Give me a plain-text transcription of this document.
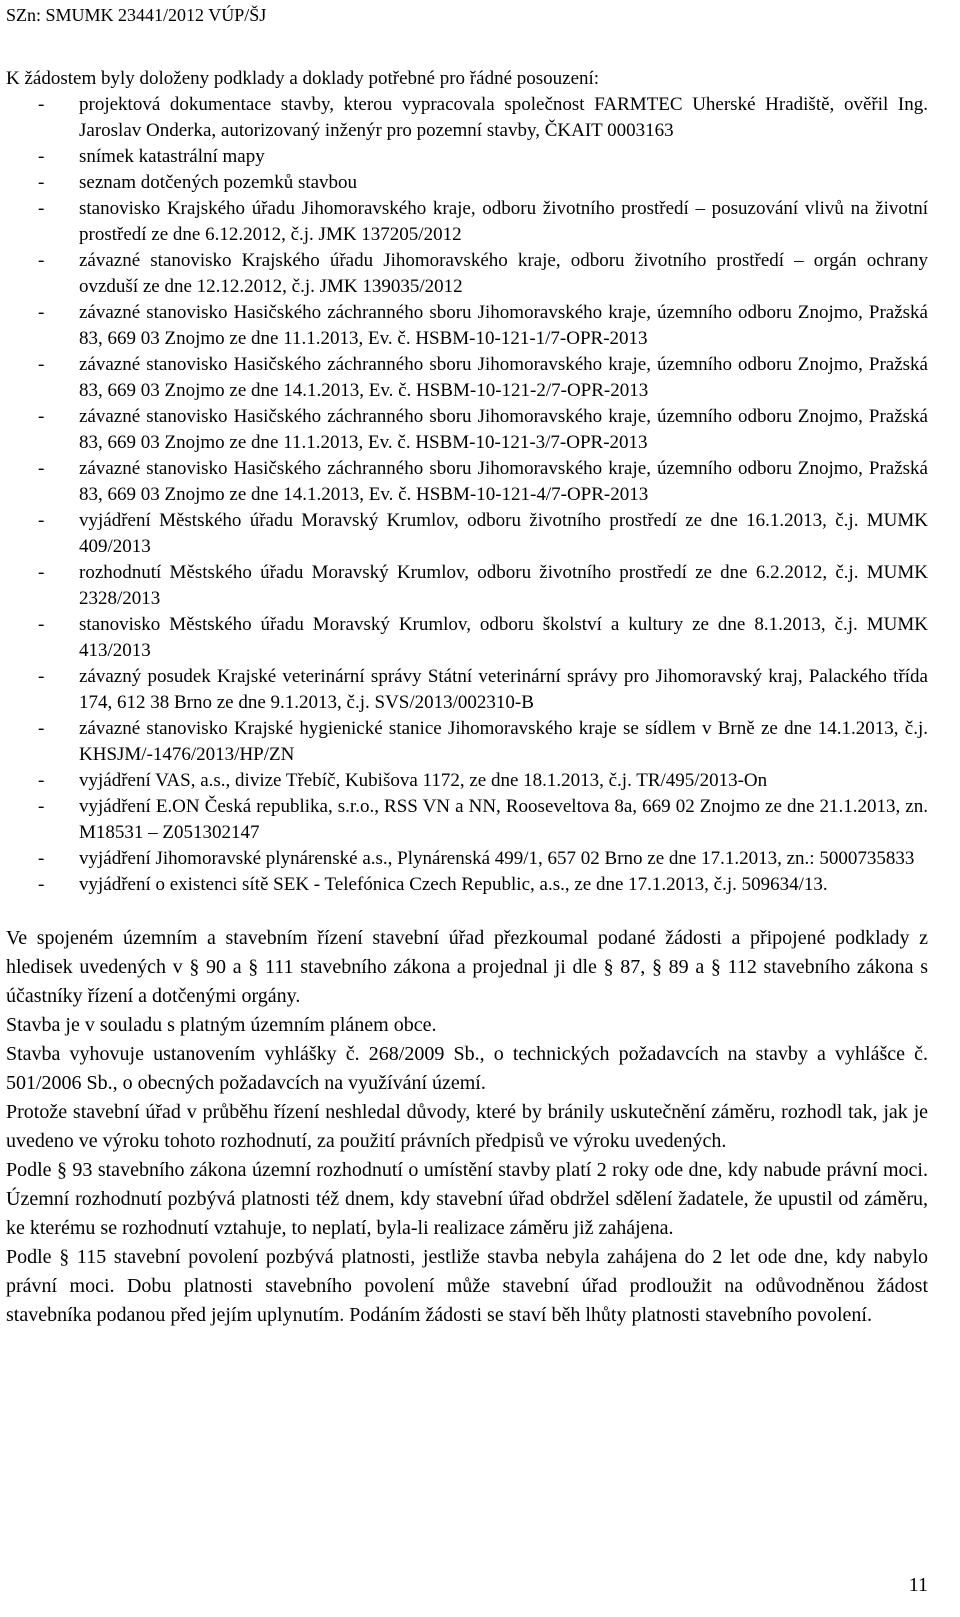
SZn: SMUMK 23441/2012 VÚP/ŠJ

K žádostem byly doloženy podklady a doklady potřebné pro řádné posouzení:

- projektová dokumentace stavby, kterou vypracovala společnost FARMTEC Uherské Hradiště, ověřil Ing. Jaroslav Onderka, autorizovaný inženýr pro pozemní stavby, ČKAIT 0003163
- snímek katastrální mapy
- seznam dotčených pozemků stavbou
- stanovisko Krajského úřadu Jihomoravského kraje, odboru životního prostředí – posuzování vlivů na životní prostředí ze dne 6.12.2012, č.j. JMK 137205/2012
- závazné stanovisko Krajského úřadu Jihomoravského kraje, odboru životního prostředí – orgán ochrany ovzduší ze dne 12.12.2012, č.j. JMK 139035/2012
- závazné stanovisko Hasičského záchranného sboru Jihomoravského kraje, územního odboru Znojmo, Pražská 83, 669 03 Znojmo ze dne 11.1.2013, Ev. č. HSBM-10-121-1/7-OPR-2013
- závazné stanovisko Hasičského záchranného sboru Jihomoravského kraje, územního odboru Znojmo, Pražská 83, 669 03 Znojmo ze dne 14.1.2013, Ev. č. HSBM-10-121-2/7-OPR-2013
- závazné stanovisko Hasičského záchranného sboru Jihomoravského kraje, územního odboru Znojmo, Pražská 83, 669 03 Znojmo ze dne 11.1.2013, Ev. č. HSBM-10-121-3/7-OPR-2013
- závazné stanovisko Hasičského záchranného sboru Jihomoravského kraje, územního odboru Znojmo, Pražská 83, 669 03 Znojmo ze dne 14.1.2013, Ev. č. HSBM-10-121-4/7-OPR-2013
- vyjádření Městského úřadu Moravský Krumlov, odboru životního prostředí ze dne 16.1.2013, č.j. MUMK 409/2013
- rozhodnutí Městského úřadu Moravský Krumlov, odboru životního prostředí ze dne 6.2.2012, č.j. MUMK 2328/2013
- stanovisko Městského úřadu Moravský Krumlov, odboru školství a kultury ze dne 8.1.2013, č.j. MUMK 413/2013
- závazný posudek Krajské veterinární správy Státní veterinární správy pro Jihomoravský kraj, Palackého třída 174, 612 38 Brno ze dne 9.1.2013, č.j. SVS/2013/002310-B
- závazné stanovisko Krajské hygienické stanice Jihomoravského kraje se sídlem v Brně ze dne 14.1.2013, č.j. KHSJM/-1476/2013/HP/ZN
- vyjádření VAS, a.s., divize Třebíč, Kubišova 1172, ze dne 18.1.2013, č.j. TR/495/2013-On
- vyjádření E.ON Česká republika, s.r.o., RSS VN a NN, Rooseveltova 8a, 669 02 Znojmo ze dne 21.1.2013, zn. M18531 – Z051302147
- vyjádření Jihomoravské plynárenské a.s., Plynárenská 499/1, 657 02 Brno ze dne 17.1.2013, zn.: 5000735833
- vyjádření o existenci sítě SEK - Telefónica Czech Republic, a.s., ze dne 17.1.2013, č.j. 509634/13.

Ve spojeném územním a stavebním řízení stavební úřad přezkoumal podané žádosti a připojené podklady z hledisek uvedených v § 90 a § 111 stavebního zákona a projednal ji dle § 87, § 89 a § 112 stavebního zákona s účastníky řízení a dotčenými orgány.

Stavba je v souladu s platným územním plánem obce.

Stavba vyhovuje ustanovením vyhlášky č. 268/2009 Sb., o technických požadavcích na stavby a vyhlášce č. 501/2006 Sb., o obecných požadavcích na využívání území.

Protože stavební úřad v průběhu řízení neshledal důvody, které by bránily uskutečnění záměru, rozhodl tak, jak je uvedeno ve výroku tohoto rozhodnutí, za použití právních předpisů ve výroku uvedených.

Podle § 93 stavebního zákona územní rozhodnutí o umístění stavby platí 2 roky ode dne, kdy nabude právní moci. Územní rozhodnutí pozbývá platnosti též dnem, kdy stavební úřad obdržel sdělení žadatele, že upustil od záměru, ke kterému se rozhodnutí vztahuje, to neplatí, byla-li realizace záměru již zahájena.

Podle § 115 stavební povolení pozbývá platnosti, jestliže stavba nebyla zahájena do 2 let ode dne, kdy nabylo právní moci. Dobu platnosti stavebního povolení může stavební úřad prodloužit na odůvodněnou žádost stavebníka podanou před jejím uplynutím. Podáním žádosti se staví běh lhůty platnosti stavebního povolení.

11
